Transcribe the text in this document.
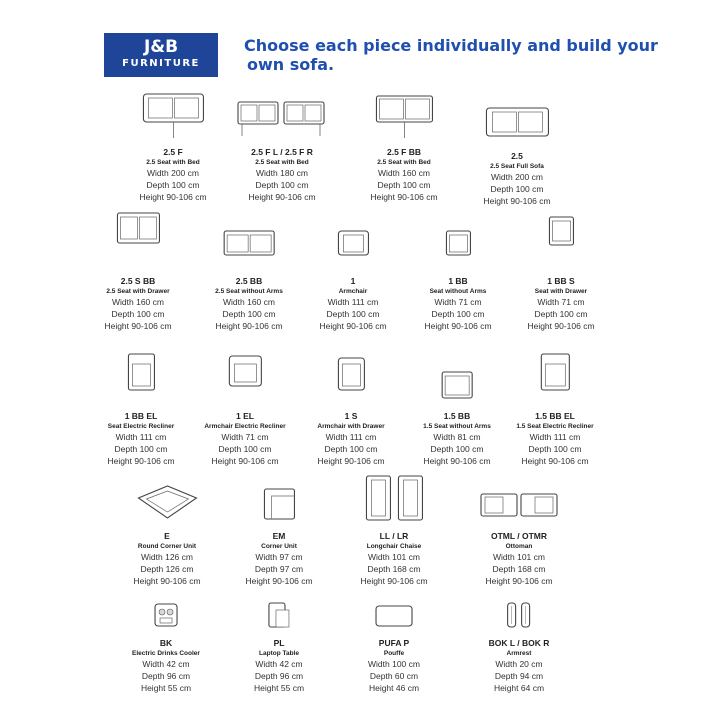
J&B
FURNITURE
Choose each piece individually and build your
own sofa.
2.5 F
2.5 Seat with Bed
Width 200 cm
Depth 100 cm
Height 90-106 cm
2.5 F L / 2.5 F R
2.5 Seat with Bed
Width 180 cm
Depth 100 cm
Height 90-106 cm
2.5 F BB
2.5 Seat with Bed
Width 160 cm
Depth 100 cm
Height 90-106 cm
2.5
2.5 Seat Full Sofa
Width 200 cm
Depth 100 cm
Height 90-106 cm
2.5 S BB
2.5 Seat with Drawer
Width 160 cm
Depth 100 cm
Height 90-106 cm
2.5 BB
2.5 Seat without Arms
Width 160 cm
Depth 100 cm
Height 90-106 cm
1
Armchair
Width 111 cm
Depth 100 cm
Height 90-106 cm
1 BB
Seat without Arms
Width 71 cm
Depth 100 cm
Height 90-106 cm
1 BB S
Seat with Drawer
Width 71 cm
Depth 100 cm
Height 90-106 cm
1 BB EL
Seat Electric Recliner
Width 111 cm
Depth 100 cm
Height 90-106 cm
1 EL
Armchair Electric Recliner
Width 71 cm
Depth 100 cm
Height 90-106 cm
1 S
Armchair with Drawer
Width 111 cm
Depth 100 cm
Height 90-106 cm
1.5 BB
1.5 Seat without Arms
Width 81 cm
Depth 100 cm
Height 90-106 cm
1.5 BB EL
1.5 Seat Electric Recliner
Width 111 cm
Depth 100 cm
Height 90-106 cm
E
Round Corner Unit
Width 126 cm
Depth 126 cm
Height 90-106 cm
EM
Corner Unit
Width 97 cm
Depth 97 cm
Height 90-106 cm
LL / LR
Longchair Chaise
Width 101 cm
Depth 168 cm
Height 90-106 cm
OTML / OTMR
Ottoman
Width 101 cm
Depth 168 cm
Height 90-106 cm
BK
Electric Drinks Cooler
Width 42 cm
Depth 96 cm
Height 55 cm
PL
Laptop Table
Width 42 cm
Depth 96 cm
Height 55 cm
PUFA P
Pouffe
Width 100 cm
Depth 60 cm
Height 46 cm
BOK L / BOK R
Armrest
Width 20 cm
Depth 94 cm
Height 64 cm
